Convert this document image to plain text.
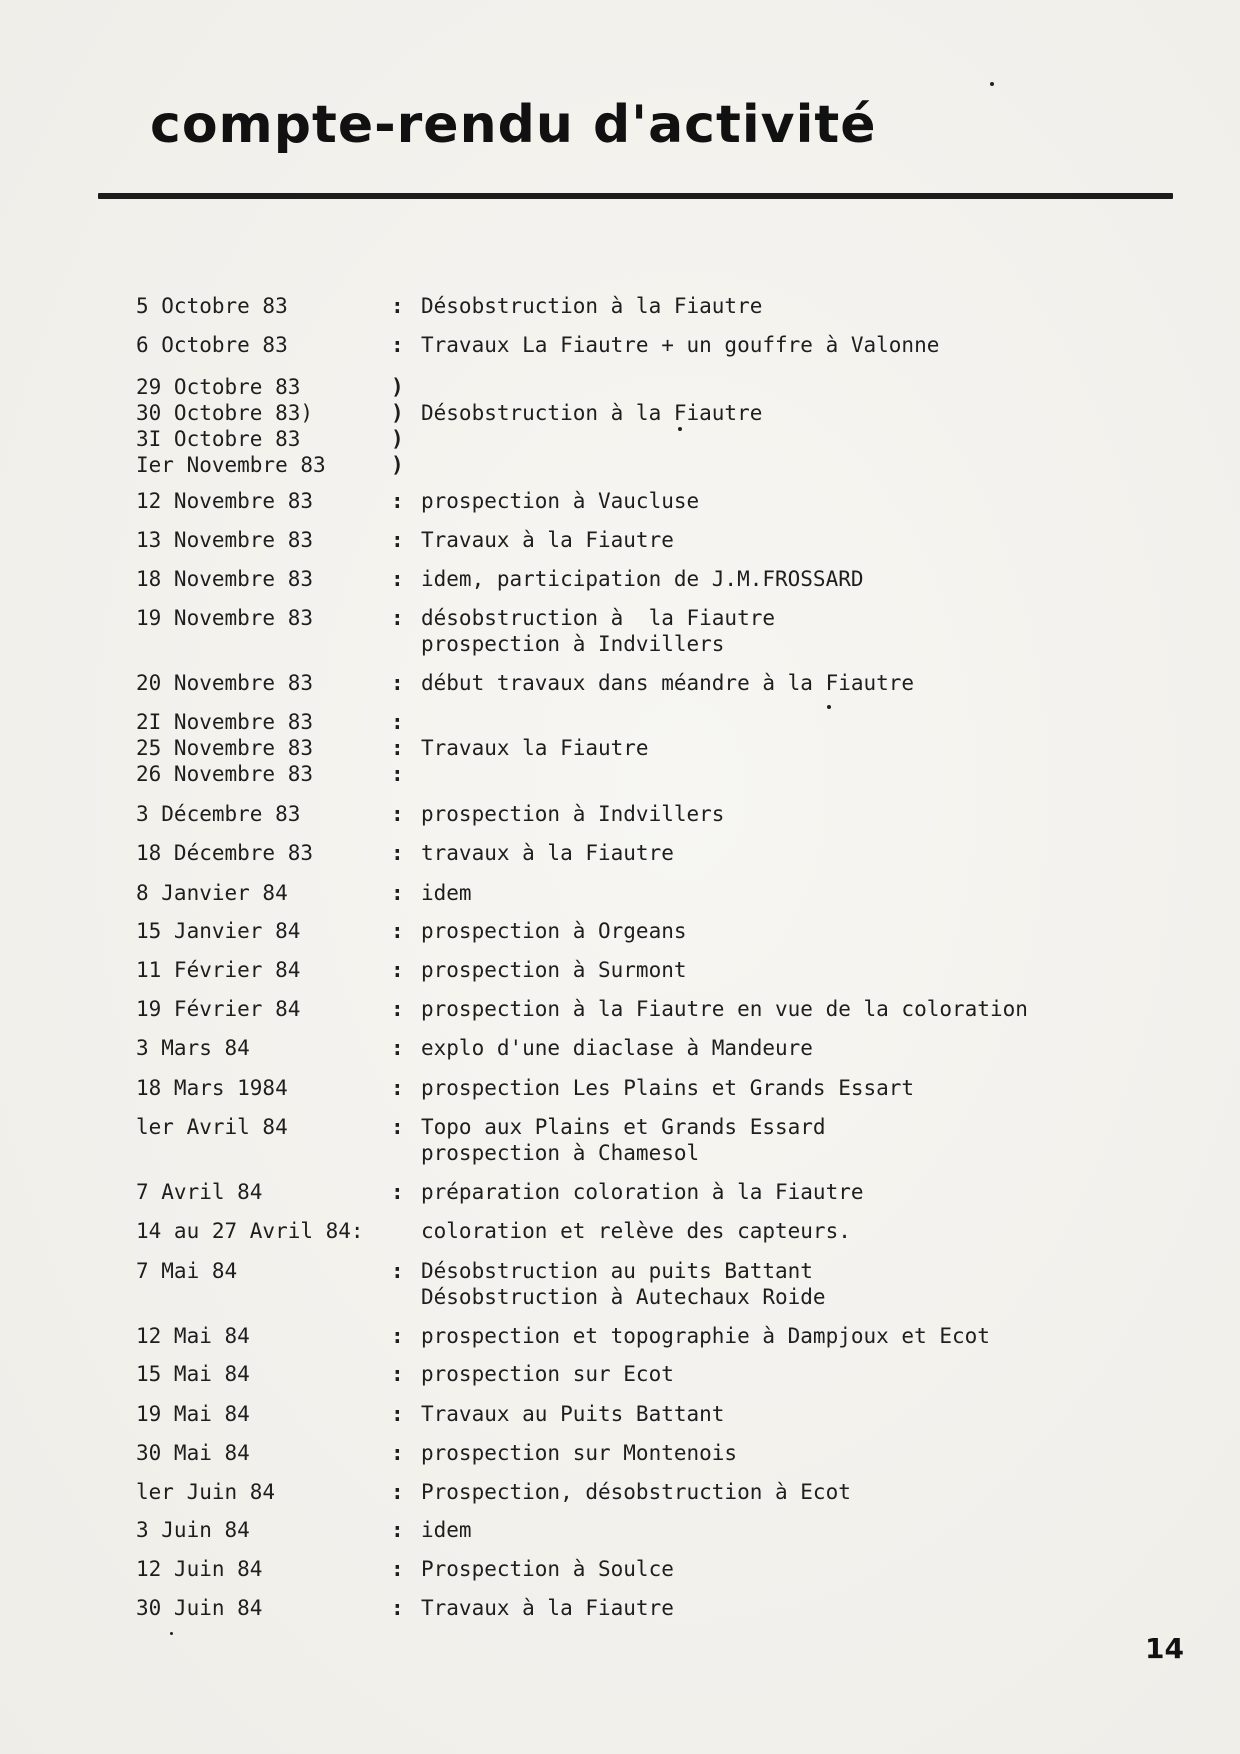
compte-rendu d'activité
5 Octobre 83	: Désobstruction à la Fiautre
6 Octobre 83	: Travaux La Fiautre + un gouffre à Valonne
29 Octobre 83	)
30 Octobre 83)	) Désobstruction à la Fiautre
3I Octobre 83	)
Ier Novembre 83	)
12 Novembre 83	: prospection à Vaucluse
13 Novembre 83	: Travaux à la Fiautre
18 Novembre 83	: idem, participation de J.M.FROSSARD
19 Novembre 83	: désobstruction à  la Fiautre
prospection à Indvillers
20 Novembre 83	: début travaux dans méandre à la Fiautre
2I Novembre 83	:
25 Novembre 83	: Travaux la Fiautre
26 Novembre 83	:
3 Décembre 83	: prospection à Indvillers
18 Décembre 83	: travaux à la Fiautre
8 Janvier 84	: idem
15 Janvier 84	: prospection à Orgeans
11 Février 84	: prospection à Surmont
19 Février 84	: prospection à la Fiautre en vue de la coloration
3 Mars 84	: explo d'une diaclase à Mandeure
18 Mars 1984	: prospection Les Plains et Grands Essart
ler Avril 84	: Topo aux Plains et Grands Essard
prospection à Chamesol
7 Avril 84	: préparation coloration à la Fiautre
14 au 27 Avril 84:	coloration et relève des capteurs.
7 Mai 84	: Désobstruction au puits Battant
Désobstruction à Autechaux Roide
12 Mai 84	: prospection et topographie à Dampjoux et Ecot
15 Mai 84	: prospection sur Ecot
19 Mai 84	: Travaux au Puits Battant
30 Mai 84	: prospection sur Montenois
ler Juin 84	: Prospection, désobstruction à Ecot
3 Juin 84	: idem
12 Juin 84	: Prospection à Soulce
30 Juin 84	: Travaux à la Fiautre
14
